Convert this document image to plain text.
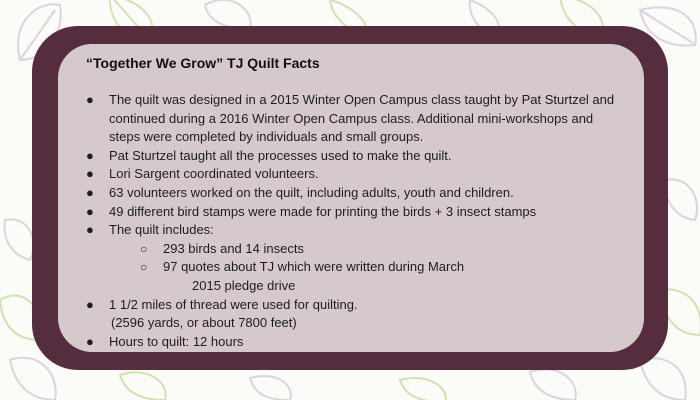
“Together We Grow” TJ Quilt Facts
● The quilt was designed in a 2015 Winter Open Campus class taught by Pat Sturtzel and
continued during a 2016 Winter Open Campus class. Additional mini-workshops and
steps were completed by individuals and small groups.
● Pat Sturtzel taught all the processes used to make the quilt.
● Lori Sargent coordinated volunteers.
● 63 volunteers worked on the quilt, including adults, youth and children.
● 49 different bird stamps were made for printing the birds + 3 insect stamps
● The quilt includes:
○ 293 birds and 14 insects
○ 97 quotes about TJ which were written during March
2015 pledge drive
● 1 1/2 miles of thread were used for quilting.
(2596 yards, or about 7800 feet)
● Hours to quilt: 12 hours
